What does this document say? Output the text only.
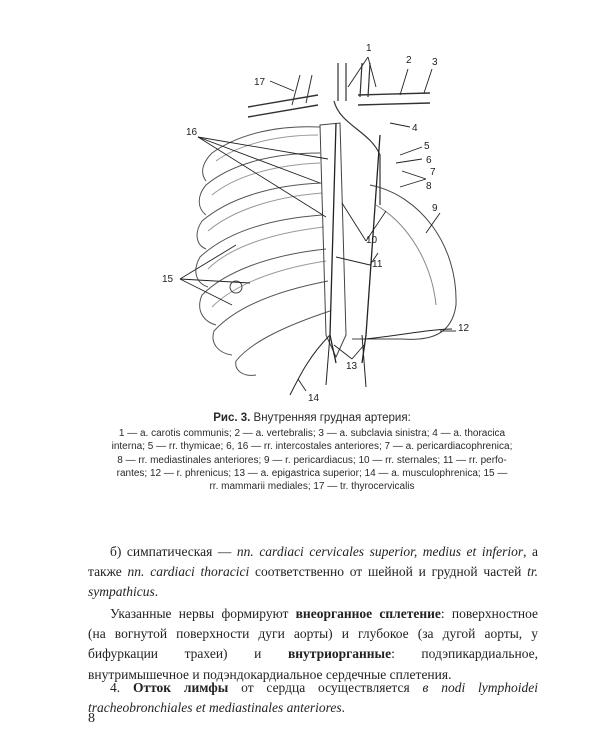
1
2 3
4
5
6
8
9
10
11
12
13
14
15
16
17
7
Рис. 3. Внутренняя грудная артерия:
1 — a. carotis communis; 2 — a. vertebralis; 3 — a. subclavia sinistra; 4 — a. thoracica
interna; 5 — rr. thymicae; 6, 16 — rr. intercostales anteriores; 7 — a. pericardiacophrenica;
8 — rr. mediastinales anteriores; 9 — r. pericardiacus; 10 — rr. sternales; 11 — rr. perfo-
rantes; 12 — r. phrenicus; 13 — a. epigastrica superior; 14 — a. musculophrenica; 15 —
rr. mammarii mediales; 17 — tr. thyrocervicalis

б) симпатическая — nn. cardiaci cervicales superior, medius et inferior, а также nn. cardiaci thoracici соответственно от шейной и грудной частей tr. sympathicus.

Указанные нервы формируют внеорганное сплетение: поверхностное (на вогнутой поверхности дуги аорты) и глубокое (за дугой аорты, у бифуркации трахеи) и внутриорганные: подэпикардиальное, внутримышечное и подэндокардиальное сердечные сплетения.

4. Отток лимфы от сердца осуществляется в nodi lymphoidei tracheobronchiales et mediastinales anteriores.

8
